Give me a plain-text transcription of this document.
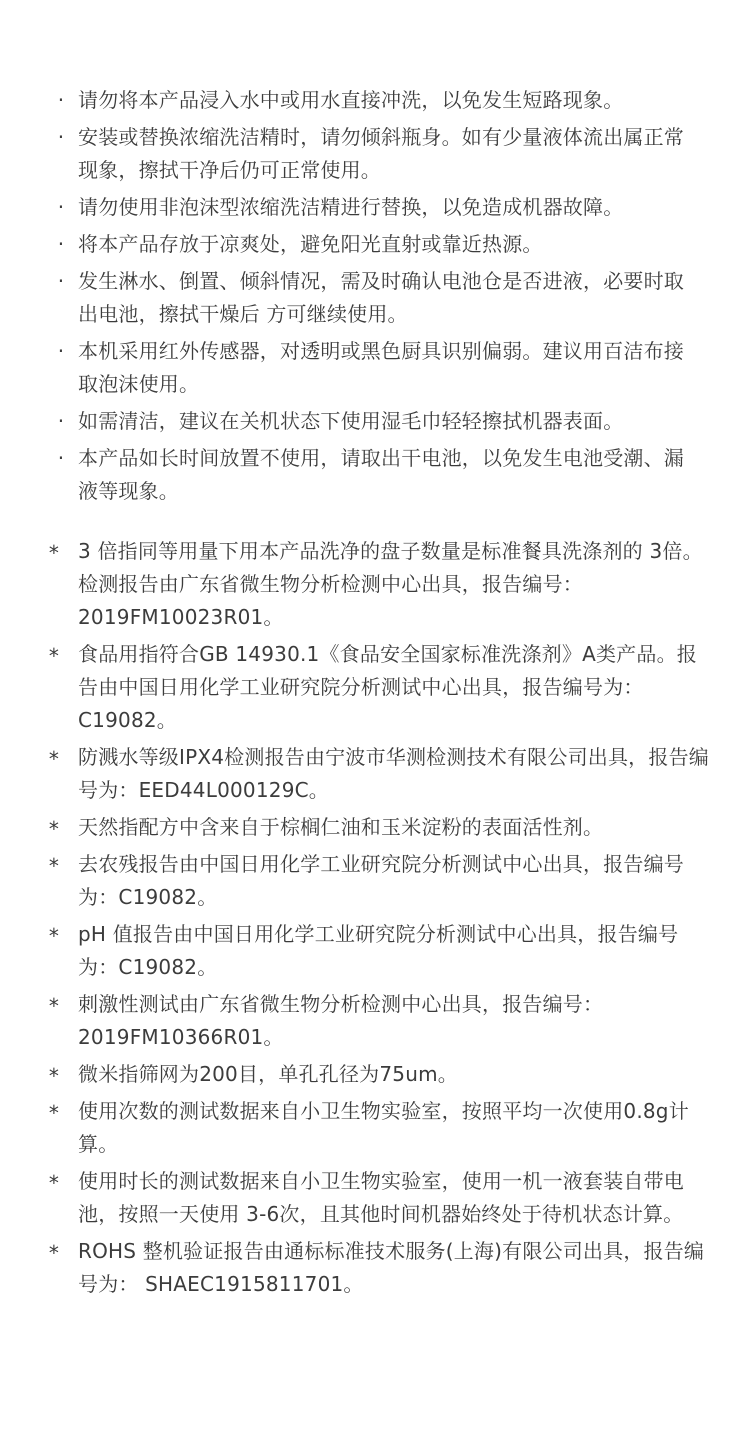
· 请勿将本产品浸入水中或用水直接冲洗，以免发生短路现象。
· 安装或替换浓缩洗洁精时，请勿倾斜瓶身。如有少量液体流出属正常现象，擦拭干净后仍可正常使用。
· 请勿使用非泡沫型浓缩洗洁精进行替换，以免造成机器故障。
· 将本产品存放于凉爽处，避免阳光直射或靠近热源。
· 发生淋水、倒置、倾斜情况，需及时确认电池仓是否进液，必要时取出电池，擦拭干燥后 方可继续使用。
· 本机采用红外传感器，对透明或黑色厨具识别偏弱。建议用百洁布接取泡沫使用。
· 如需清洁，建议在关机状态下使用湿毛巾轻轻擦拭机器表面。
· 本产品如长时间放置不使用，请取出干电池，以免发生电池受潮、漏液等现象。
* 3 倍指同等用量下用本产品洗净的盘子数量是标准餐具洗涤剂的 3倍。检测报告由广东省微生物分析检测中心出具，报告编号：2019FM10023R01。
* 食品用指符合GB 14930.1《食品安全国家标准洗涤剂》A类产品。报告由中国日用化学工业研究院分析测试中心出具，报告编号为：C19082。
* 防溅水等级IPX4检测报告由宁波市华测检测技术有限公司出具，报告编号为：EED44L000129C。
* 天然指配方中含来自于棕榈仁油和玉米淀粉的表面活性剂。
* 去农残报告由中国日用化学工业研究院分析测试中心出具，报告编号为：C19082。
* pH 值报告由中国日用化学工业研究院分析测试中心出具，报告编号为：C19082。
* 刺激性测试由广东省微生物分析检测中心出具，报告编号：2019FM10366R01。
* 微米指筛网为200目，单孔孔径为75um。
* 使用次数的测试数据来自小卫生物实验室，按照平均一次使用0.8g计算。
* 使用时长的测试数据来自小卫生物实验室，使用一机一液套装自带电池，按照一天使用 3-6次，且其他时间机器始终处于待机状态计算。
* ROHS 整机验证报告由通标标准技术服务(上海)有限公司出具，报告编号为： SHAEC1915811701。
